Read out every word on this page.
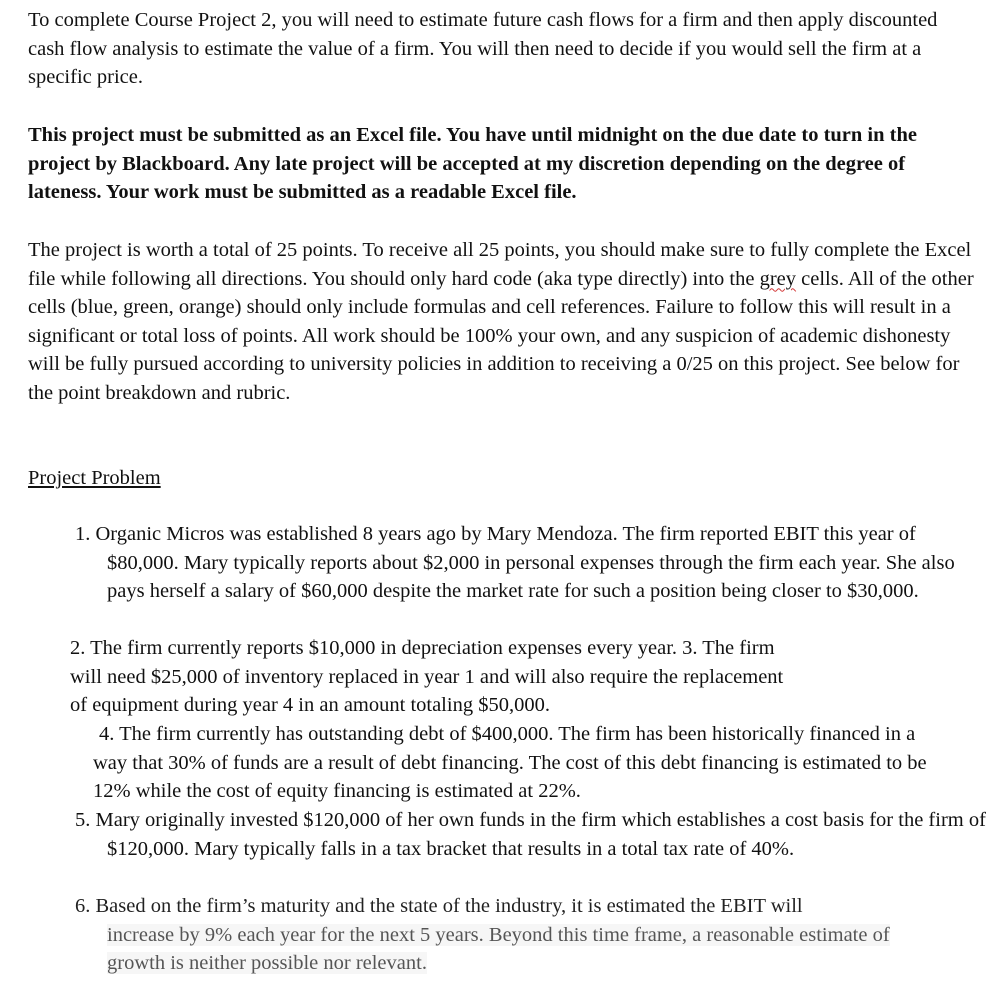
To complete Course Project 2, you will need to estimate future cash flows for a firm and then apply discounted cash flow analysis to estimate the value of a firm. You will then need to decide if you would sell the firm at a specific price.
This project must be submitted as an Excel file. You have until midnight on the due date to turn in the project by Blackboard. Any late project will be accepted at my discretion depending on the degree of lateness. Your work must be submitted as a readable Excel file.
The project is worth a total of 25 points. To receive all 25 points, you should make sure to fully complete the Excel file while following all directions. You should only hard code (aka type directly) into the grey cells. All of the other cells (blue, green, orange) should only include formulas and cell references. Failure to follow this will result in a significant or total loss of points. All work should be 100% your own, and any suspicion of academic dishonesty will be fully pursued according to university policies in addition to receiving a 0/25 on this project. See below for the point breakdown and rubric.
Project Problem
1. Organic Micros was established 8 years ago by Mary Mendoza. The firm reported EBIT this year of $80,000. Mary typically reports about $2,000 in personal expenses through the firm each year. She also pays herself a salary of $60,000 despite the market rate for such a position being closer to $30,000.
2. The firm currently reports $10,000 in depreciation expenses every year. 3. The firm
will need $25,000 of inventory replaced in year 1 and will also require the replacement
of equipment during year 4 in an amount totaling $50,000.
4. The firm currently has outstanding debt of $400,000. The firm has been historically financed in a way that 30% of funds are a result of debt financing. The cost of this debt financing is estimated to be 12% while the cost of equity financing is estimated at 22%.
5. Mary originally invested $120,000 of her own funds in the firm which establishes a cost basis for the firm of $120,000. Mary typically falls in a tax bracket that results in a total tax rate of 40%.
6. Based on the firm’s maturity and the state of the industry, it is estimated the EBIT will
increase by 9% each year for the next 5 years. Beyond this time frame, a reasonable estimate of growth is neither possible nor relevant.
